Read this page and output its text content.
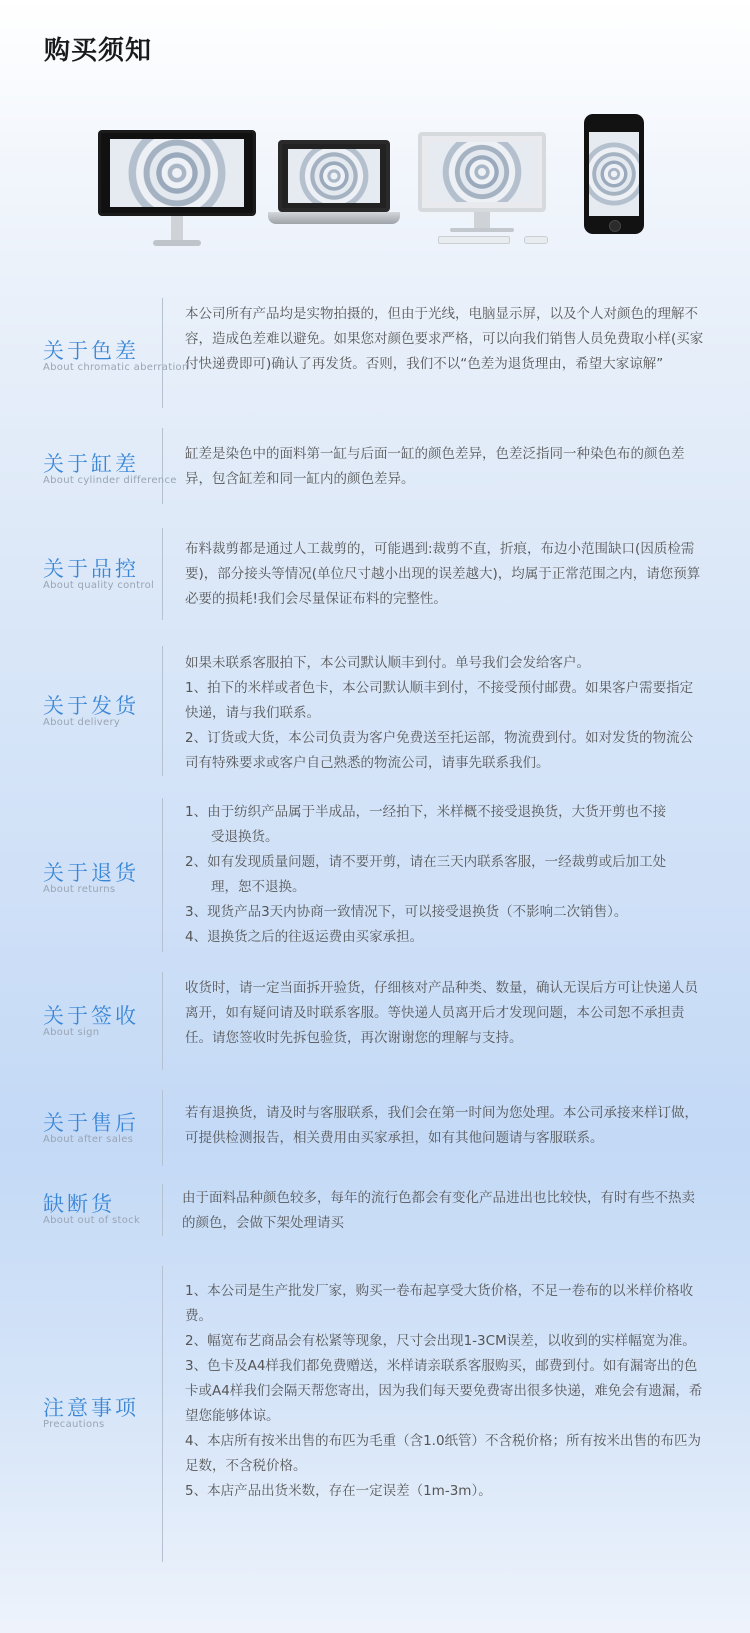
购买须知
关于色差
About chromatic aberration

本公司所有产品均是实物拍摄的，但由于光线，电脑显示屏，以及个人对颜色的理解不容，造成色差难以避免。如果您对颜色要求严格，可以向我们销售人员免费取小样(买家付快递费即可)确认了再发货。否则，我们不以“色差为退货理由，希望大家谅解”

关于缸差
About cylinder difference

缸差是染色中的面料第一缸与后面一缸的颜色差异，色差泛指同一种染色布的颜色差异，包含缸差和同一缸内的颜色差异。

关于品控
About quality control

布料裁剪都是通过人工裁剪的，可能遇到:裁剪不直，折痕，布边小范围缺口(因质检需要)，部分接头等情况(单位尺寸越小出现的误差越大)，均属于正常范围之内，请您预算必要的损耗!我们会尽量保证布料的完整性。

关于发货
About delivery

如果未联系客服拍下，本公司默认顺丰到付。单号我们会发给客户。

1、拍下的米样或者色卡，本公司默认顺丰到付，不接受预付邮费。如果客户需要指定快递，请与我们联系。

2、订货或大货，本公司负责为客户免费送至托运部，物流费到付。如对发货的物流公司有特殊要求或客户自己熟悉的物流公司，请事先联系我们。

关于退货
About returns

1、由于纺织产品属于半成品，一经拍下，米样概不接受退换货，大货开剪也不接

受退换货。

2、如有发现质量问题，请不要开剪，请在三天内联系客服，一经裁剪或后加工处

理，恕不退换。

3、现货产品3天内协商一致情况下，可以接受退换货（不影响二次销售）。

4、退换货之后的往返运费由买家承担。

关于签收
About sign

收货时，请一定当面拆开验货，仔细核对产品种类、数量，确认无误后方可让快递人员离开，如有疑问请及时联系客服。等快递人员离开后才发现问题，本公司恕不承担责任。请您签收时先拆包验货，再次谢谢您的理解与支持。

关于售后
About after sales

若有退换货，请及时与客服联系，我们会在第一时间为您处理。本公司承接来样订做，可提供检测报告，相关费用由买家承担，如有其他问题请与客服联系。

缺断货
About out of stock

由于面料品种颜色较多，每年的流行色都会有变化产品进出也比较快，有时有些不热卖的颜色，会做下架处理请买

注意事项
Precautions

1、本公司是生产批发厂家，购买一卷布起享受大货价格，不足一卷布的以米样价格收费。

2、幅宽布艺商品会有松紧等现象，尺寸会出现1-3CM误差，以收到的实样幅宽为准。

3、色卡及A4样我们都免费赠送，米样请亲联系客服购买，邮费到付。如有漏寄出的色卡或A4样我们会隔天帮您寄出，因为我们每天要免费寄出很多快递，难免会有遗漏，希望您能够体谅。

4、本店所有按米出售的布匹为毛重（含1.0纸管）不含税价格；所有按米出售的布匹为足数，不含税价格。

5、本店产品出货米数，存在一定误差（1m-3m）。
